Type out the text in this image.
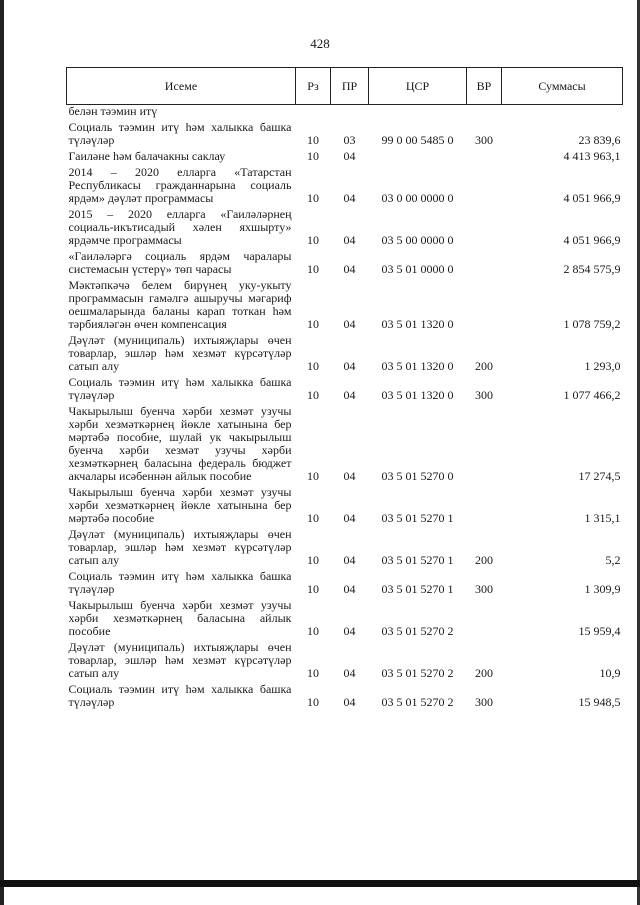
428
Исеме	Рз	ПР	ЦСР	ВР	Суммасы
белән тәэмин итү					
Социаль тәэмин итү һәм халыкка башка түләүләр	10	03	99 0 00 5485 0	300	23 839,6
Гаиләне һәм балачакны саклау	10	04			4 413 963,1
2014 – 2020 елларга «Татарстан Республикасы гражданнарына социаль ярдәм» дәүләт программасы	10	04	03 0 00 0000 0		4 051 966,9
2015 – 2020 елларга «Гаиләләрнең социаль-икътисадый хәлен яхшырту» ярдәмче программасы	10	04	03 5 00 0000 0		4 051 966,9
«Гаиләләргә социаль ярдәм чаралары системасын үстерү» төп чарасы	10	04	03 5 01 0000 0		2 854 575,9
Мәктәпкәчә белем бирүнең уку-укыту программасын гамәлгә ашыручы мәгариф оешмаларында баланы карап тоткан һәм тәрбияләгән өчен компенсация	10	04	03 5 01 1320 0		1 078 759,2
Дәүләт (муниципаль) ихтыяҗлары өчен товарлар, эшләр һәм хезмәт күрсәтүләр сатып алу	10	04	03 5 01 1320 0	200	1 293,0
Социаль тәэмин итү һәм халыкка башка түләүләр	10	04	03 5 01 1320 0	300	1 077 466,2
Чакырылыш буенча хәрби хезмәт узучы хәрби хезмәткәрнең йөкле хатынына бер мәртәбә пособие, шулай ук чакырылыш буенча хәрби хезмәт узучы хәрби хезмәткәрнең баласына федераль бюджет акчалары исәбеннән айлык пособие	10	04	03 5 01 5270 0		17 274,5
Чакырылыш буенча хәрби хезмәт узучы хәрби хезмәткәрнең йөкле хатынына бер мәртәбә пособие	10	04	03 5 01 5270 1		1 315,1
Дәүләт (муниципаль) ихтыяҗлары өчен товарлар, эшләр һәм хезмәт күрсәтүләр сатып алу	10	04	03 5 01 5270 1	200	5,2
Социаль тәэмин итү һәм халыкка башка түләүләр	10	04	03 5 01 5270 1	300	1 309,9
Чакырылыш буенча хәрби хезмәт узучы хәрби хезмәткәрнең баласына айлык пособие	10	04	03 5 01 5270 2		15 959,4
Дәүләт (муниципаль) ихтыяҗлары өчен товарлар, эшләр һәм хезмәт күрсәтүләр сатып алу	10	04	03 5 01 5270 2	200	10,9
Социаль тәэмин итү һәм халыкка башка түләүләр	10	04	03 5 01 5270 2	300	15 948,5
